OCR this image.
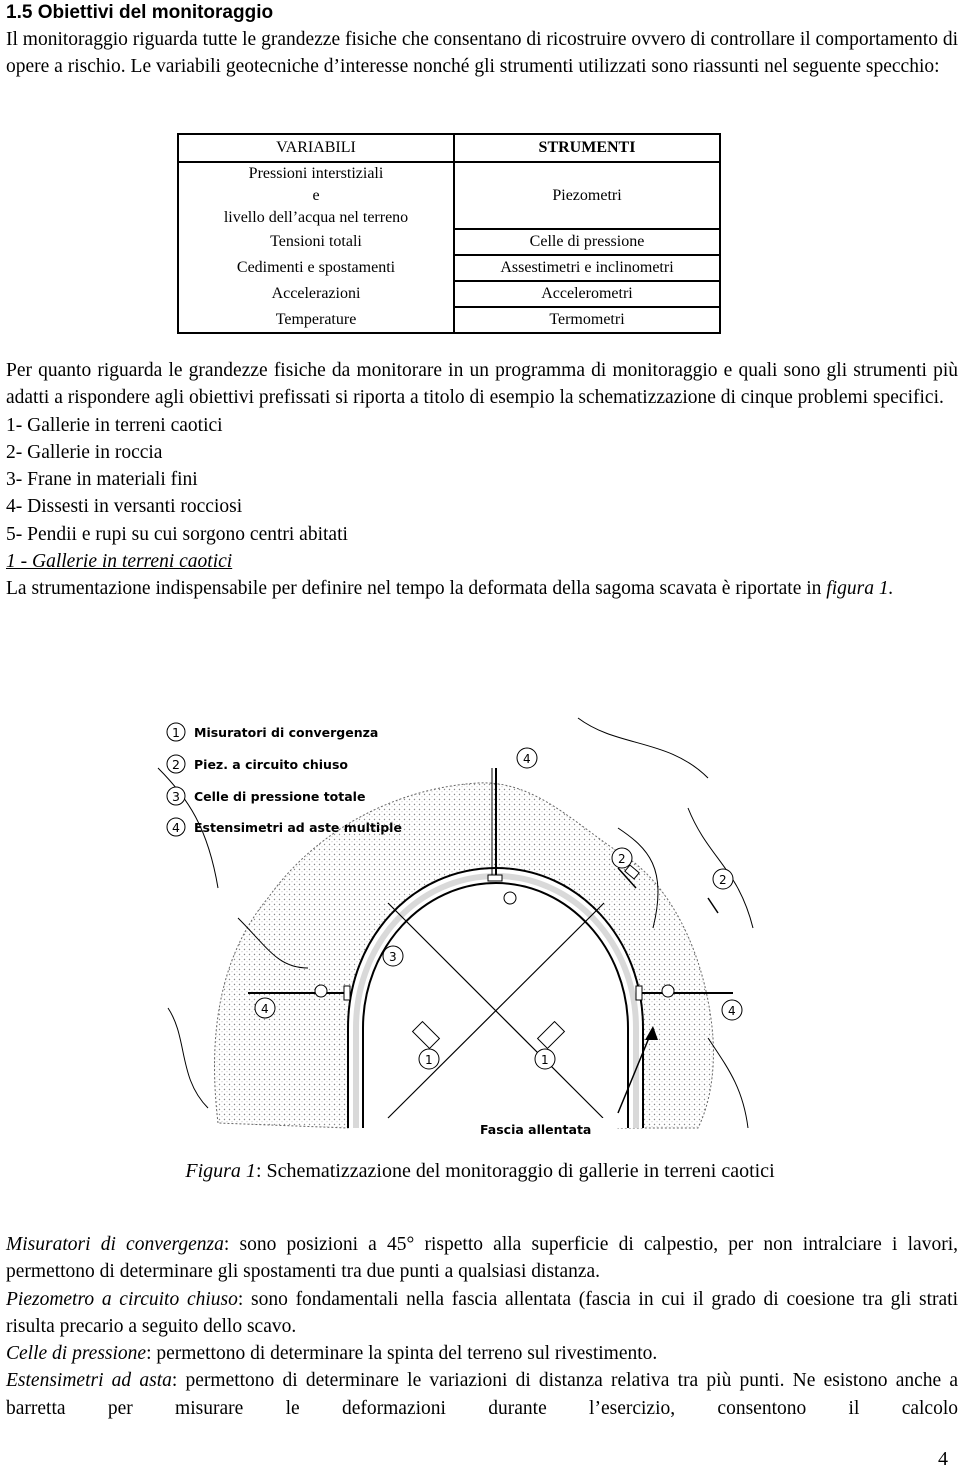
1.5 Obiettivi del monitoraggio

Il monitoraggio riguarda tutte le grandezze fisiche che consentano di ricostruire ovvero di controllare il comportamento di opere a rischio. Le variabili geotecniche d’interesse nonché gli strumenti utilizzati sono riassunti nel seguente specchio:

VARIABILI	STRUMENTI

Pressioni interstiziali
e
livello dell’acqua nel terreno	Piezometri
Tensioni totali	Celle di pressione
Cedimenti e spostamenti	Assestimetri e inclinometri
Accelerazioni	Accelerometri
Temperature	Termometri

Per quanto riguarda le grandezze fisiche da monitorare in un programma di monitoraggio e quali sono gli strumenti più adatti a rispondere agli obiettivi prefissati si riporta a titolo di esempio la schematizzazione di cinque problemi specifici.

1- Gallerie in terreni caotici

2- Gallerie in roccia

3- Frane in materiali fini

4- Dissesti in versanti rocciosi

5- Pendii e rupi su cui sorgono centri abitati

1 - Gallerie in terreni caotici

La strumentazione indispensabile per definire nel tempo la deformata della sagoma scavata è riportate in figura 1.

1 Misuratori di convergenza
2 Piez. a circuito chiuso
3 Celle di pressione totale
4 Estensimetri ad aste multiple
4
2
2
3
4	4
1	1
Fascia allentata
Figura 1: Schematizzazione del monitoraggio di gallerie in terreni caotici

Misuratori di convergenza: sono posizioni a 45° rispetto alla superficie di calpestio, per non intralciare i lavori, permettono di determinare gli spostamenti tra due punti a qualsiasi distanza.

Piezometro a circuito chiuso: sono fondamentali nella fascia allentata (fascia in cui il grado di coesione tra gli strati risulta precario a seguito dello scavo.

Celle di pressione: permettono di determinare la spinta del terreno sul rivestimento.

Estensimetri ad asta: permettono di determinare le variazioni di distanza relativa tra più punti. Ne esistono anche a barretta per misurare le deformazioni durante l’esercizio, consentono il calcolo

4
